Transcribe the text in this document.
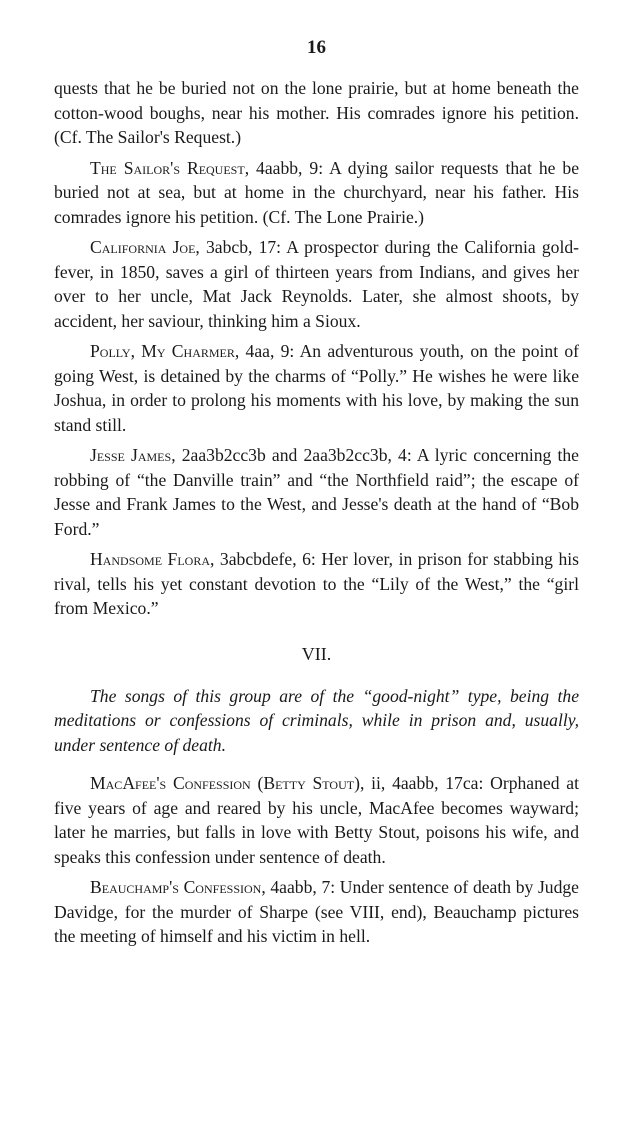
16

quests that he be buried not on the lone prairie, but at home beneath the cotton-wood boughs, near his mother. His comrades ignore his petition. (Cf. The Sailor's Request.)

The Sailor's Request, 4aabb, 9: A dying sailor requests that he be buried not at sea, but at home in the churchyard, near his father. His comrades ignore his petition. (Cf. The Lone Prairie.)

California Joe, 3abcb, 17: A prospector during the California gold-fever, in 1850, saves a girl of thirteen years from Indians, and gives her over to her uncle, Mat Jack Reynolds. Later, she almost shoots, by accident, her saviour, thinking him a Sioux.

Polly, My Charmer, 4aa, 9: An adventurous youth, on the point of going West, is detained by the charms of “Polly.” He wishes he were like Joshua, in order to prolong his moments with his love, by making the sun stand still.

Jesse James, 2aa3b2cc3b and 2aa3b2cc3b, 4: A lyric concerning the robbing of “the Danville train” and “the Northfield raid”; the escape of Jesse and Frank James to the West, and Jesse's death at the hand of “Bob Ford.”

Handsome Flora, 3abcbdefe, 6: Her lover, in prison for stabbing his rival, tells his yet constant devotion to the “Lily of the West,” the “girl from Mexico.”

VII.

The songs of this group are of the “good-night” type, being the meditations or confessions of criminals, while in prison and, usually, under sentence of death.

MacAfee's Confession (Betty Stout), ii, 4aabb, 17ca: Orphaned at five years of age and reared by his uncle, MacAfee becomes wayward; later he marries, but falls in love with Betty Stout, poisons his wife, and speaks this confession under sentence of death.

Beauchamp's Confession, 4aabb, 7: Under sentence of death by Judge Davidge, for the murder of Sharpe (see VIII, end), Beauchamp pictures the meeting of himself and his victim in hell.
